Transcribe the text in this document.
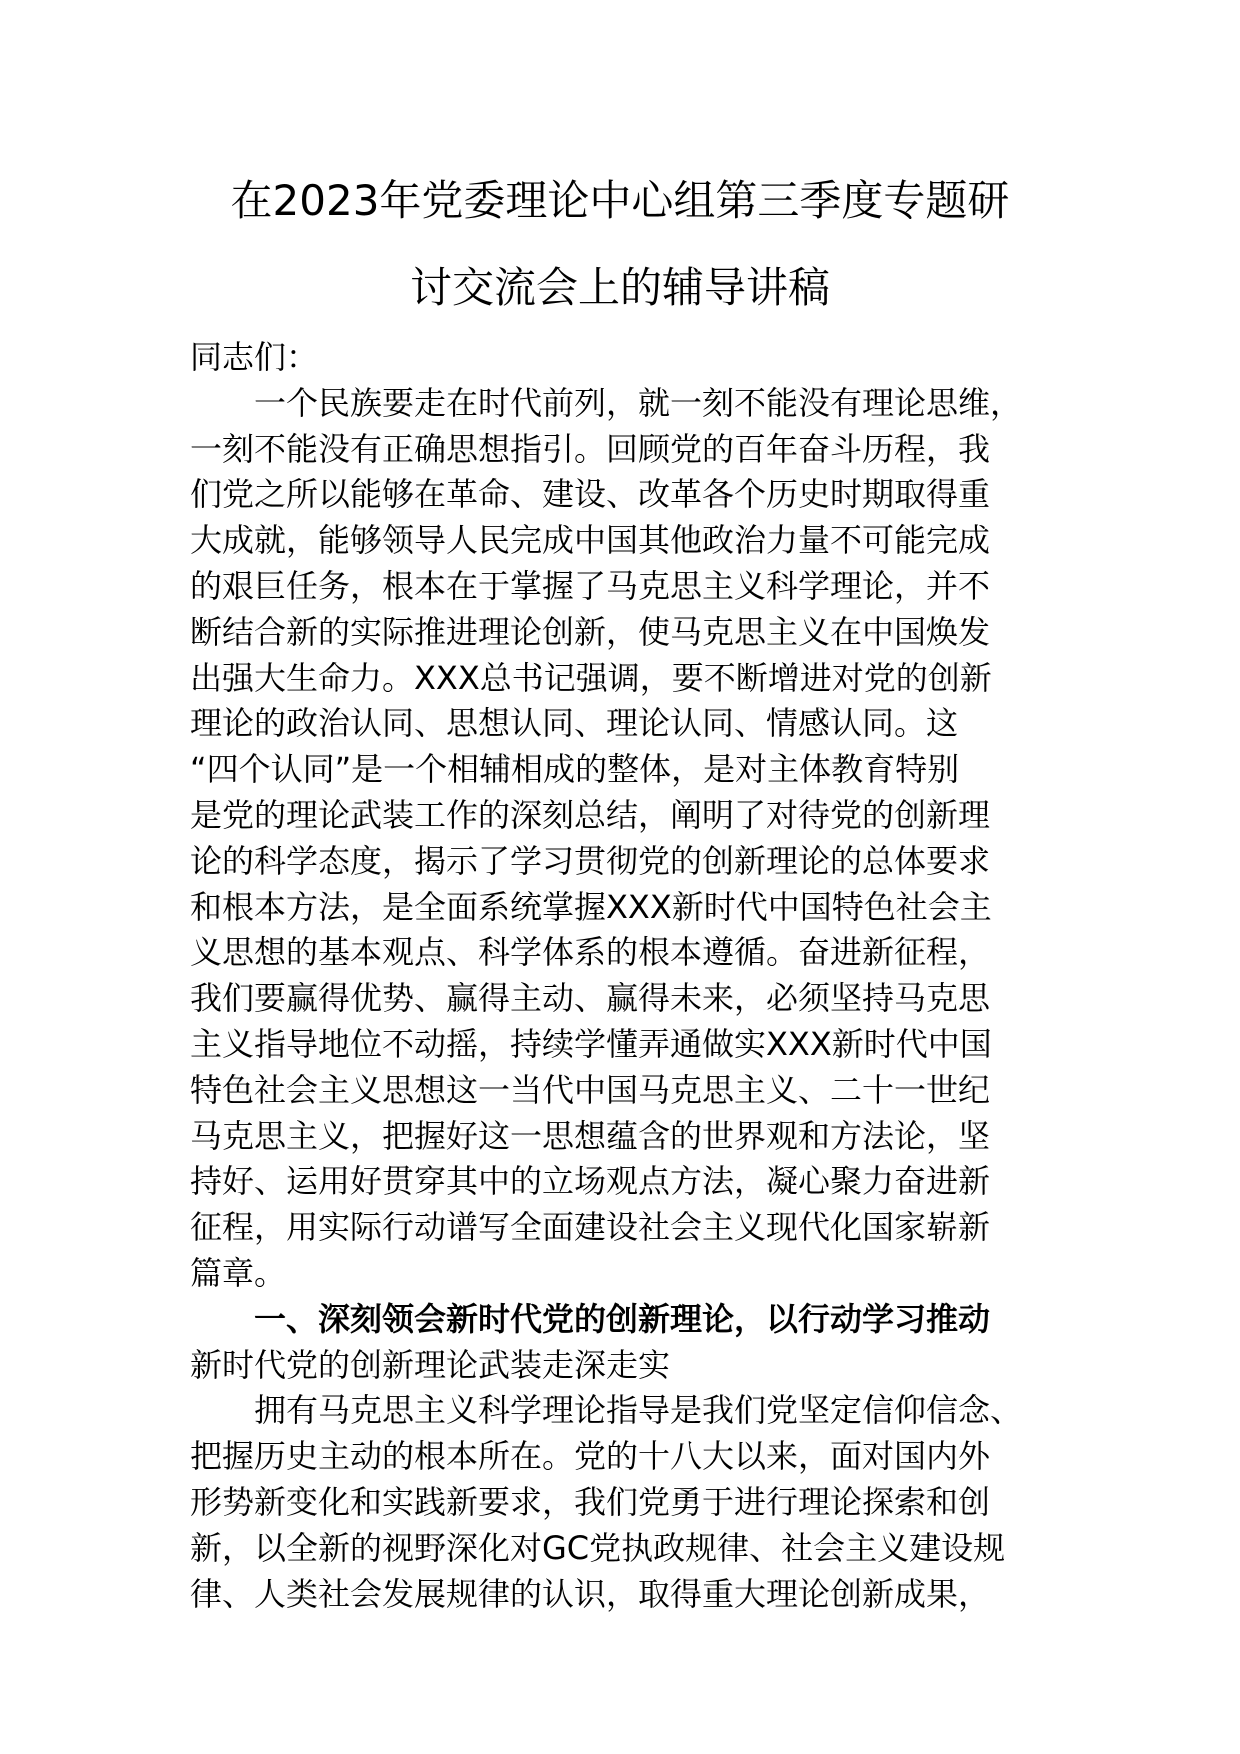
在2023年党委理论中心组第三季度专题研
讨交流会上的辅导讲稿
同志们：
一个民族要走在时代前列，就一刻不能没有理论思维，
一刻不能没有正确思想指引。回顾党的百年奋斗历程，我
们党之所以能够在革命、建设、改革各个历史时期取得重
大成就，能够领导人民完成中国其他政治力量不可能完成
的艰巨任务，根本在于掌握了马克思主义科学理论，并不
断结合新的实际推进理论创新，使马克思主义在中国焕发
出强大生命力。XXX总书记强调，要不断增进对党的创新
理论的政治认同、思想认同、理论认同、情感认同。这
“四个认同”是一个相辅相成的整体，是对主体教育特别
是党的理论武装工作的深刻总结，阐明了对待党的创新理
论的科学态度，揭示了学习贯彻党的创新理论的总体要求
和根本方法，是全面系统掌握XXX新时代中国特色社会主
义思想的基本观点、科学体系的根本遵循。奋进新征程，
我们要赢得优势、赢得主动、赢得未来，必须坚持马克思
主义指导地位不动摇，持续学懂弄通做实XXX新时代中国
特色社会主义思想这一当代中国马克思主义、二十一世纪
马克思主义，把握好这一思想蕴含的世界观和方法论，坚
持好、运用好贯穿其中的立场观点方法，凝心聚力奋进新
征程，用实际行动谱写全面建设社会主义现代化国家崭新
篇章。
一、深刻领会新时代党的创新理论，以行动学习推动
新时代党的创新理论武装走深走实
拥有马克思主义科学理论指导是我们党坚定信仰信念、
把握历史主动的根本所在。党的十八大以来，面对国内外
形势新变化和实践新要求，我们党勇于进行理论探索和创
新，以全新的视野深化对GC党执政规律、社会主义建设规
律、人类社会发展规律的认识，取得重大理论创新成果，
